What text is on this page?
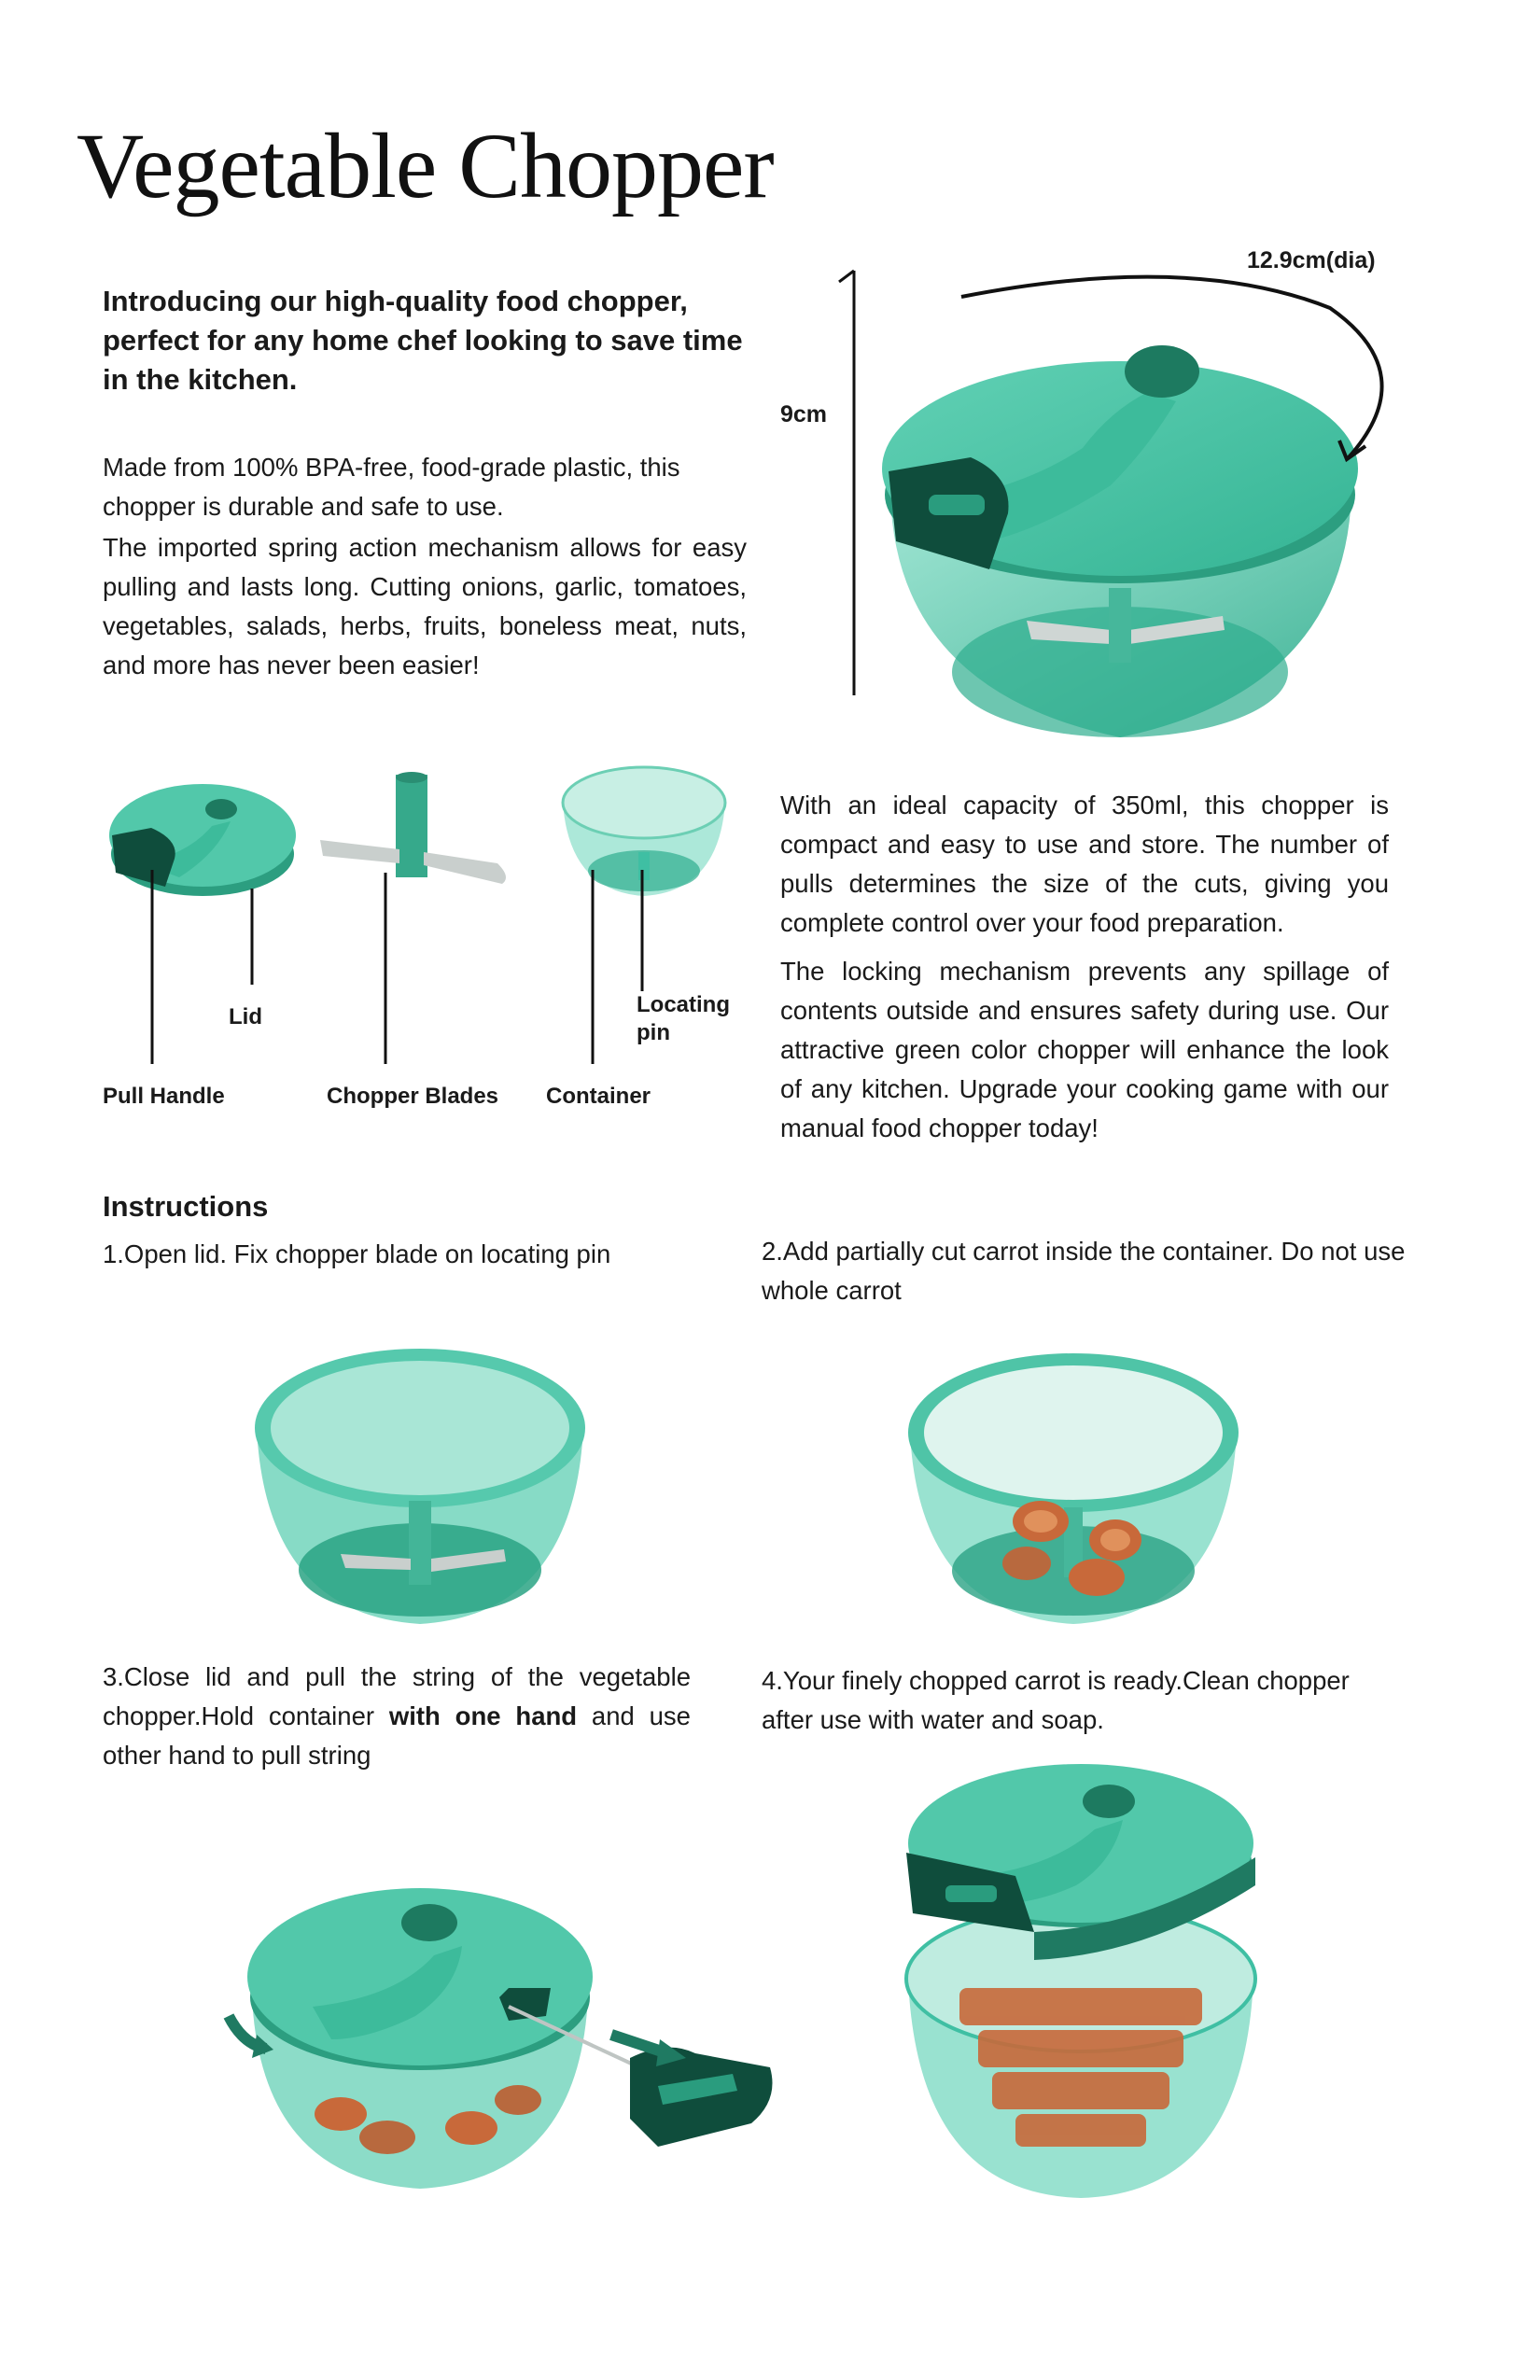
Vegetable Chopper
Introducing our high-quality food chopper, perfect for any home chef looking to save time in the kitchen.
Made from 100% BPA-free, food-grade plastic, this chopper is durable and safe to use.
The imported spring action mechanism allows for easy pulling and lasts long. Cutting onions, garlic, tomatoes, vegetables, salads, herbs, fruits, boneless meat, nuts, and more has never been easier!
12.9cm(dia)
9cm
Pull Handle
Lid
Chopper Blades Container
Locating pin
With an ideal capacity of 350ml, this chopper is compact and easy to use and store. The number of pulls determines the size of the cuts, giving you complete control over your food preparation.
The locking mechanism prevents any spillage of contents outside and ensures safety during use. Our attractive green color chopper will enhance the look of any kitchen. Upgrade your cooking game with our manual food chopper today!
Instructions
1.Open lid. Fix chopper blade on locating pin	2.Add partially cut carrot inside the container. Do not use whole carrot
3.Close lid and pull the string of the vegetable chopper.Hold container with one hand and use other hand to pull string
4.Your finely chopped carrot is ready.Clean chopper after use with water and soap.
